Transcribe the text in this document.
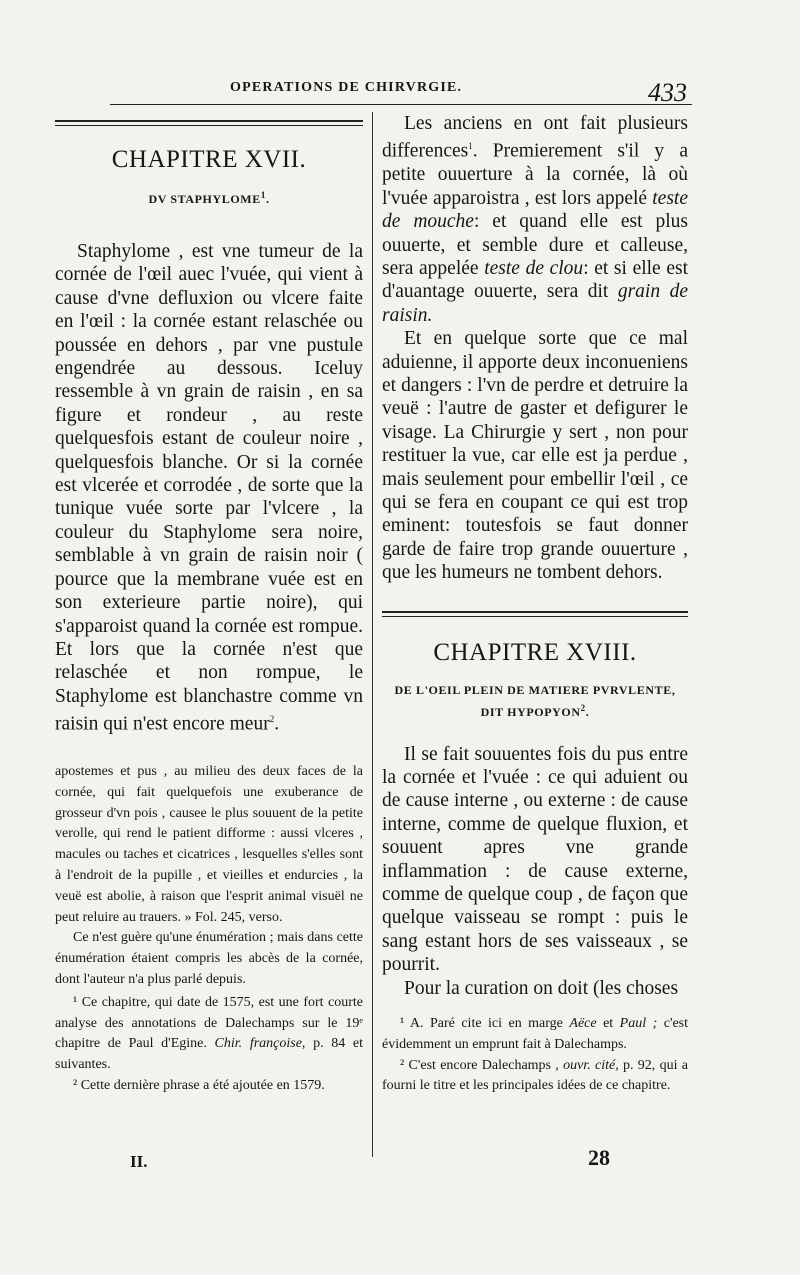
OPERATIONS DE CHIRVRGIE.	433
CHAPITRE XVII.
DV STAPHYLOME$^1$.

Staphylome , est vne tumeur de la cornée de l'œil auec l'vuée, qui vient à cause d'vne defluxion ou vlcere faite en l'œil : la cornée estant relaschée ou poussée en dehors , par vne pustule engendrée au dessous. Iceluy ressemble à vn grain de raisin , en sa figure et rondeur , au reste quelquesfois estant de couleur noire , quelquesfois blanche. Or si la cornée est vlcerée et corrodée , de sorte que la tunique vuée sorte par l'vlcere , la couleur du Staphylome sera noire, semblable à vn grain de raisin noir ( pource que la membrane vuée est en son exterieure partie noire), qui s'apparoist quand la cornée est rompue. Et lors que la cornée n'est que relaschée et non rompue, le Staphylome est blanchastre comme vn raisin qui n'est encore meur$^2$.

apostemes et pus , au milieu des deux faces de la cornée, qui fait quelquefois une exuberance de grosseur d'vn pois , causee le plus souuent de la petite verolle, qui rend le patient difforme : aussi vlceres , macules ou taches et cicatrices , lesquelles s'elles sont à l'endroit de la pupille , et vieilles et endurcies , la veuë est abolie, à raison que l'esprit animal visuël ne peut reluire au trauers. » Fol. 245, verso.

Ce n'est guère qu'une énumération ; mais dans cette énumération étaient compris les abcès de la cornée, dont l'auteur n'a plus parlé depuis.

¹ Ce chapitre, qui date de 1575, est une fort courte analyse des annotations de Dalechamps sur le 19ᵉ chapitre de Paul d'Egine. Chir. françoise, p. 84 et suivantes.

² Cette dernière phrase a été ajoutée en 1579.

Les anciens en ont fait plusieurs differences$^1$. Premierement s'il y a petite ouuerture à la cornée, là où l'vuée apparoistra , est lors appelé teste de mouche: et quand elle est plus ouuerte, et semble dure et calleuse, sera appelée teste de clou: et si elle est d'auantage ouuerte, sera dit grain de raisin.

Et en quelque sorte que ce mal aduienne, il apporte deux inconueniens et dangers : l'vn de perdre et detruire la veuë : l'autre de gaster et defigurer le visage. La Chirurgie y sert , non pour restituer la vue, car elle est ja perdue , mais seulement pour embellir l'œil , ce qui se fera en coupant ce qui est trop eminent: toutesfois se faut donner garde de faire trop grande ouuerture , que les humeurs ne tombent dehors.

CHAPITRE XVIII.
DE L'OEIL PLEIN DE MATIERE PVRVLENTE,
DIT HYPOPYON$^2$.

Il se fait souuentes fois du pus entre la cornée et l'vuée : ce qui aduient ou de cause interne , ou externe : de cause interne, comme de quelque fluxion, et souuent apres vne grande inflammation : de cause externe, comme de quelque coup , de façon que quelque vaisseau se rompt : puis le sang estant hors de ses vaisseaux , se pourrit.

Pour la curation on doit (les choses

¹ A. Paré cite ici en marge Aëce et Paul ; c'est évidemment un emprunt fait à Dalechamps.

² C'est encore Dalechamps , ouvr. cité, p. 92, qui a fourni le titre et les principales idées de ce chapitre.

II.	28
